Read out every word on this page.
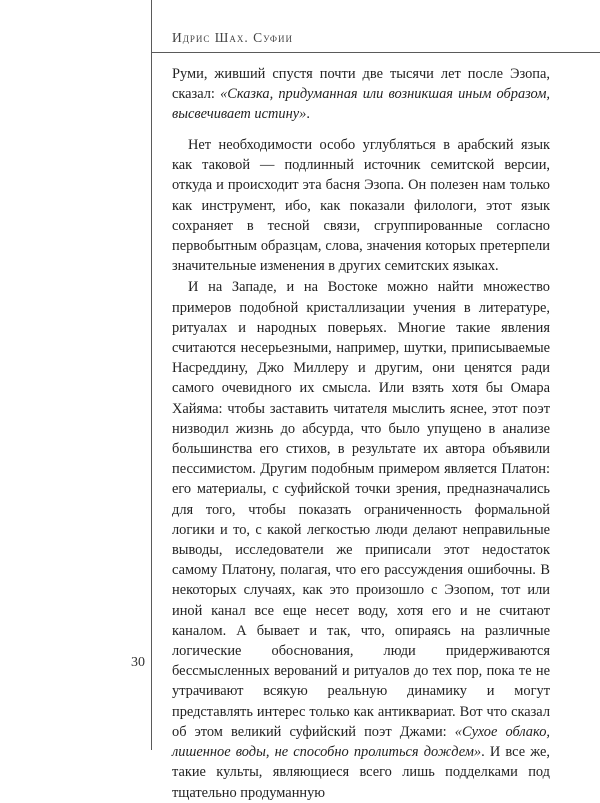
Идрис Шах. Суфии

Руми, живший спустя почти две тысячи лет после Эзопа, сказал: «Сказка, придуманная или возникшая иным образом, высвечивает истину».

Нет необходимости особо углубляться в арабский язык как таковой — подлинный источник семитской версии, откуда и происходит эта басня Эзопа. Он полезен нам только как инструмент, ибо, как показали филологи, этот язык сохраняет в тесной связи, сгруппированные согласно первобытным образцам, слова, значения которых претерпели значительные изменения в других семитских языках.

И на Западе, и на Востоке можно найти множество примеров подобной кристаллизации учения в литературе, ритуалах и народных поверьях. Многие такие явления считаются несерьезными, например, шутки, приписываемые Насреддину, Джо Миллеру и другим, они ценятся ради самого очевидного их смысла. Или взять хотя бы Омара Хайяма: чтобы заставить читателя мыслить яснее, этот поэт низводил жизнь до абсурда, что было упущено в анализе большинства его стихов, в результате их автора объявили пессимистом. Другим подобным примером является Платон: его материалы, с суфийской точки зрения, предназначались для того, чтобы показать ограниченность формальной логики и то, с какой легкостью люди делают неправильные выводы, исследователи же приписали этот недостаток самому Платону, полагая, что его рассуждения ошибочны. В некоторых случаях, как это произошло с Эзопом, тот или иной канал все еще несет воду, хотя его и не считают каналом. А бывает и так, что, опираясь на различные логические обоснования, люди придерживаются бессмысленных верований и ритуалов до тех пор, пока те не утрачивают всякую реальную динамику и могут представлять интерес только как антиквариат. Вот что сказал об этом великий суфийский поэт Джами: «Сухое облако, лишенное воды, не способно пролиться дождем». И все же, такие культы, являющиеся всего лишь подделками под тщательно продуманную

30
